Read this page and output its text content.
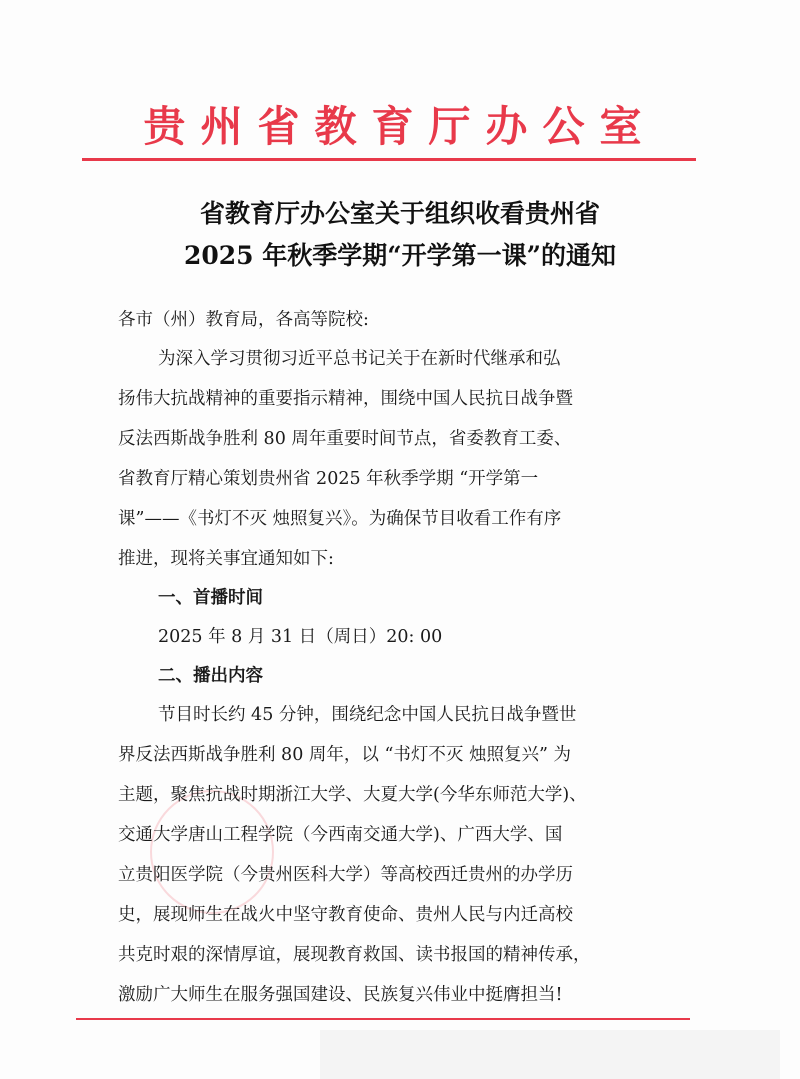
贵州省教育厅办公室
省教育厅办公室关于组织收看贵州省
2025 年秋季学期“开学第一课”的通知
各市（州）教育局，各高等院校:
为深入学习贯彻习近平总书记关于在新时代继承和弘
扬伟大抗战精神的重要指示精神，围绕中国人民抗日战争暨
反法西斯战争胜利 80 周年重要时间节点，省委教育工委、
省教育厅精心策划贵州省 2025 年秋季学期 “开学第一
课”——《书灯不灭 烛照复兴》。为确保节目收看工作有序
推进，现将关事宜通知如下:
一、首播时间
2025 年 8 月 31 日（周日）20: 00
二、播出内容
节目时长约 45 分钟，围绕纪念中国人民抗日战争暨世
界反法西斯战争胜利 80 周年，以 “书灯不灭 烛照复兴” 为
主题，聚焦抗战时期浙江大学、大夏大学(今华东师范大学)、
交通大学唐山工程学院（今西南交通大学)、广西大学、国
立贵阳医学院（今贵州医科大学）等高校西迁贵州的办学历
史，展现师生在战火中坚守教育使命、贵州人民与内迁高校
共克时艰的深情厚谊，展现教育救国、读书报国的精神传承，
激励广大师生在服务强国建设、民族复兴伟业中挺膺担当!
